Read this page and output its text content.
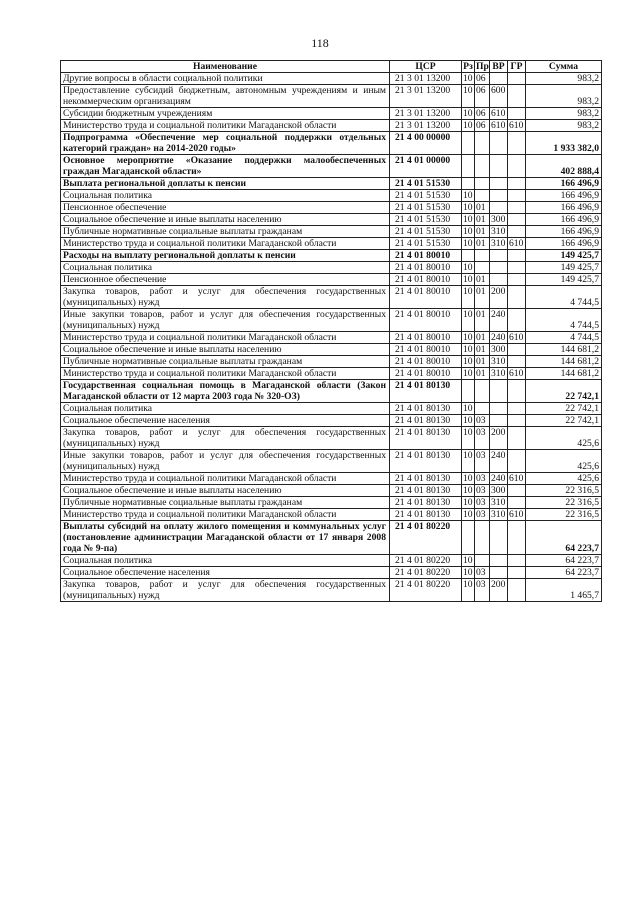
118
Наименование	ЦСР	Рз	Пр	ВР	ГР	Сумма
Другие вопросы в области социальной политики	21 3 01 13200	10	06			983,2
Предоставление субсидий бюджетным, автономным учреждениям и иным некоммерческим организациям	21 3 01 13200	10	06	600		983,2
Субсидии бюджетным учреждениям	21 3 01 13200	10	06	610		983,2
Министерство труда и социальной политики Магаданской области	21 3 01 13200	10	06	610	610	983,2
Подпрограмма «Обеспечение мер социальной поддержки отдельных категорий граждан» на 2014-2020 годы»	21 4 00 00000					1 933 382,0
Основное мероприятие «Оказание поддержки малообеспеченных граждан Магаданской области»	21 4 01 00000					402 888,4
Выплата региональной доплаты к пенсии	21 4 01 51530					166 496,9
Социальная политика	21 4 01 51530	10				166 496,9
Пенсионное обеспечение	21 4 01 51530	10	01			166 496,9
Социальное обеспечение и иные выплаты населению	21 4 01 51530	10	01	300		166 496,9
Публичные нормативные социальные выплаты гражданам	21 4 01 51530	10	01	310		166 496,9
Министерство труда и социальной политики Магаданской области	21 4 01 51530	10	01	310	610	166 496,9
Расходы на выплату региональной доплаты к пенсии	21 4 01 80010					149 425,7
Социальная политика	21 4 01 80010	10				149 425,7
Пенсионное обеспечение	21 4 01 80010	10	01			149 425,7
Закупка товаров, работ и услуг для обеспечения государственных (муниципальных) нужд	21 4 01 80010	10	01	200		4 744,5
Иные закупки товаров, работ и услуг для обеспечения государственных (муниципальных) нужд	21 4 01 80010	10	01	240		4 744,5
Министерство труда и социальной политики Магаданской области	21 4 01 80010	10	01	240	610	4 744,5
Социальное обеспечение и иные выплаты населению	21 4 01 80010	10	01	300		144 681,2
Публичные нормативные социальные выплаты гражданам	21 4 01 80010	10	01	310		144 681,2
Министерство труда и социальной политики Магаданской области	21 4 01 80010	10	01	310	610	144 681,2
Государственная социальная помощь в Магаданской области (Закон Магаданской области от 12 марта 2003 года № 320-ОЗ)	21 4 01 80130					22 742,1
Социальная политика	21 4 01 80130	10				22 742,1
Социальное обеспечение населения	21 4 01 80130	10	03			22 742,1
Закупка товаров, работ и услуг для обеспечения государственных (муниципальных) нужд	21 4 01 80130	10	03	200		425,6
Иные закупки товаров, работ и услуг для обеспечения государственных (муниципальных) нужд	21 4 01 80130	10	03	240		425,6
Министерство труда и социальной политики Магаданской области	21 4 01 80130	10	03	240	610	425,6
Социальное обеспечение и иные выплаты населению	21 4 01 80130	10	03	300		22 316,5
Публичные нормативные социальные выплаты гражданам	21 4 01 80130	10	03	310		22 316,5
Министерство труда и социальной политики Магаданской области	21 4 01 80130	10	03	310	610	22 316,5
Выплаты субсидий на оплату жилого помещения и коммунальных услуг (постановление администрации Магаданской области от 17 января 2008 года № 9-па)	21 4 01 80220					64 223,7
Социальная политика	21 4 01 80220	10				64 223,7
Социальное обеспечение населения	21 4 01 80220	10	03			64 223,7
Закупка товаров, работ и услуг для обеспечения государственных (муниципальных) нужд	21 4 01 80220	10	03	200		1 465,7
